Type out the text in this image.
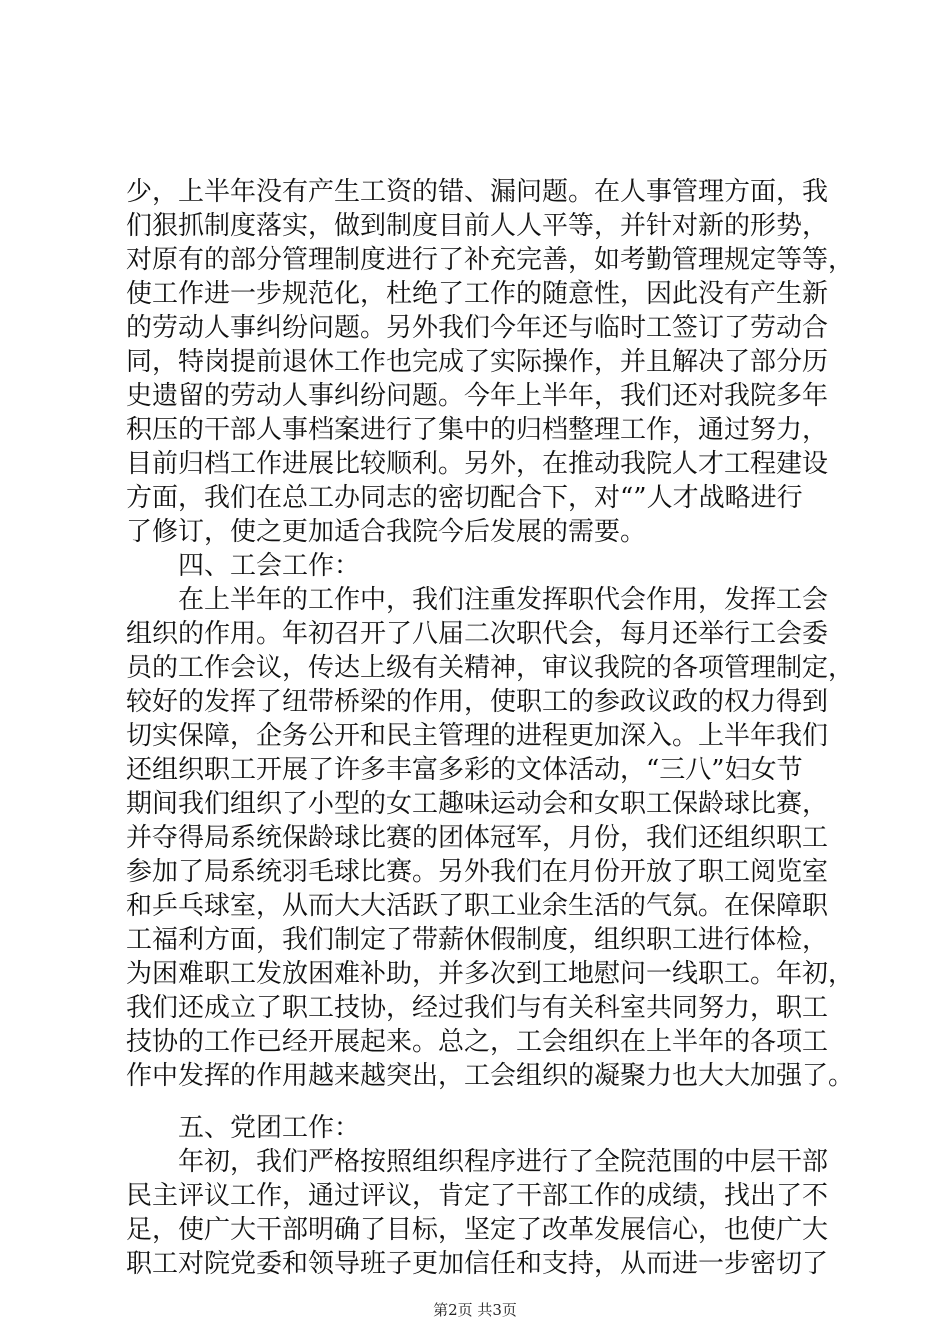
少，上半年没有产生工资的错、漏问题。在人事管理方面，我
们狠抓制度落实，做到制度目前人人平等，并针对新的形势，
对原有的部分管理制度进行了补充完善，如考勤管理规定等等，
使工作进一步规范化，杜绝了工作的随意性，因此没有产生新
的劳动人事纠纷问题。另外我们今年还与临时工签订了劳动合
同，特岗提前退休工作也完成了实际操作，并且解决了部分历
史遗留的劳动人事纠纷问题。今年上半年，我们还对我院多年
积压的干部人事档案进行了集中的归档整理工作，通过努力，
目前归档工作进展比较顺利。另外，在推动我院人才工程建设
方面，我们在总工办同志的密切配合下，对“”人才战略进行
了修订，使之更加适合我院今后发展的需要。
四、工会工作：
在上半年的工作中，我们注重发挥职代会作用，发挥工会
组织的作用。年初召开了八届二次职代会，每月还举行工会委
员的工作会议，传达上级有关精神，审议我院的各项管理制定，
较好的发挥了纽带桥梁的作用，使职工的参政议政的权力得到
切实保障，企务公开和民主管理的进程更加深入。上半年我们
还组织职工开展了许多丰富多彩的文体活动，“三八”妇女节
期间我们组织了小型的女工趣味运动会和女职工保龄球比赛，
并夺得局系统保龄球比赛的团体冠军，月份，我们还组织职工
参加了局系统羽毛球比赛。另外我们在月份开放了职工阅览室
和乒乓球室，从而大大活跃了职工业余生活的气氛。在保障职
工福利方面，我们制定了带薪休假制度，组织职工进行体检，
为困难职工发放困难补助，并多次到工地慰问一线职工。年初，
我们还成立了职工技协，经过我们与有关科室共同努力，职工
技协的工作已经开展起来。总之，工会组织在上半年的各项工
作中发挥的作用越来越突出，工会组织的凝聚力也大大加强了。
五、党团工作：
年初，我们严格按照组织程序进行了全院范围的中层干部
民主评议工作，通过评议，肯定了干部工作的成绩，找出了不
足，使广大干部明确了目标，坚定了改革发展信心，也使广大
职工对院党委和领导班子更加信任和支持，从而进一步密切了
第2页 共3页
